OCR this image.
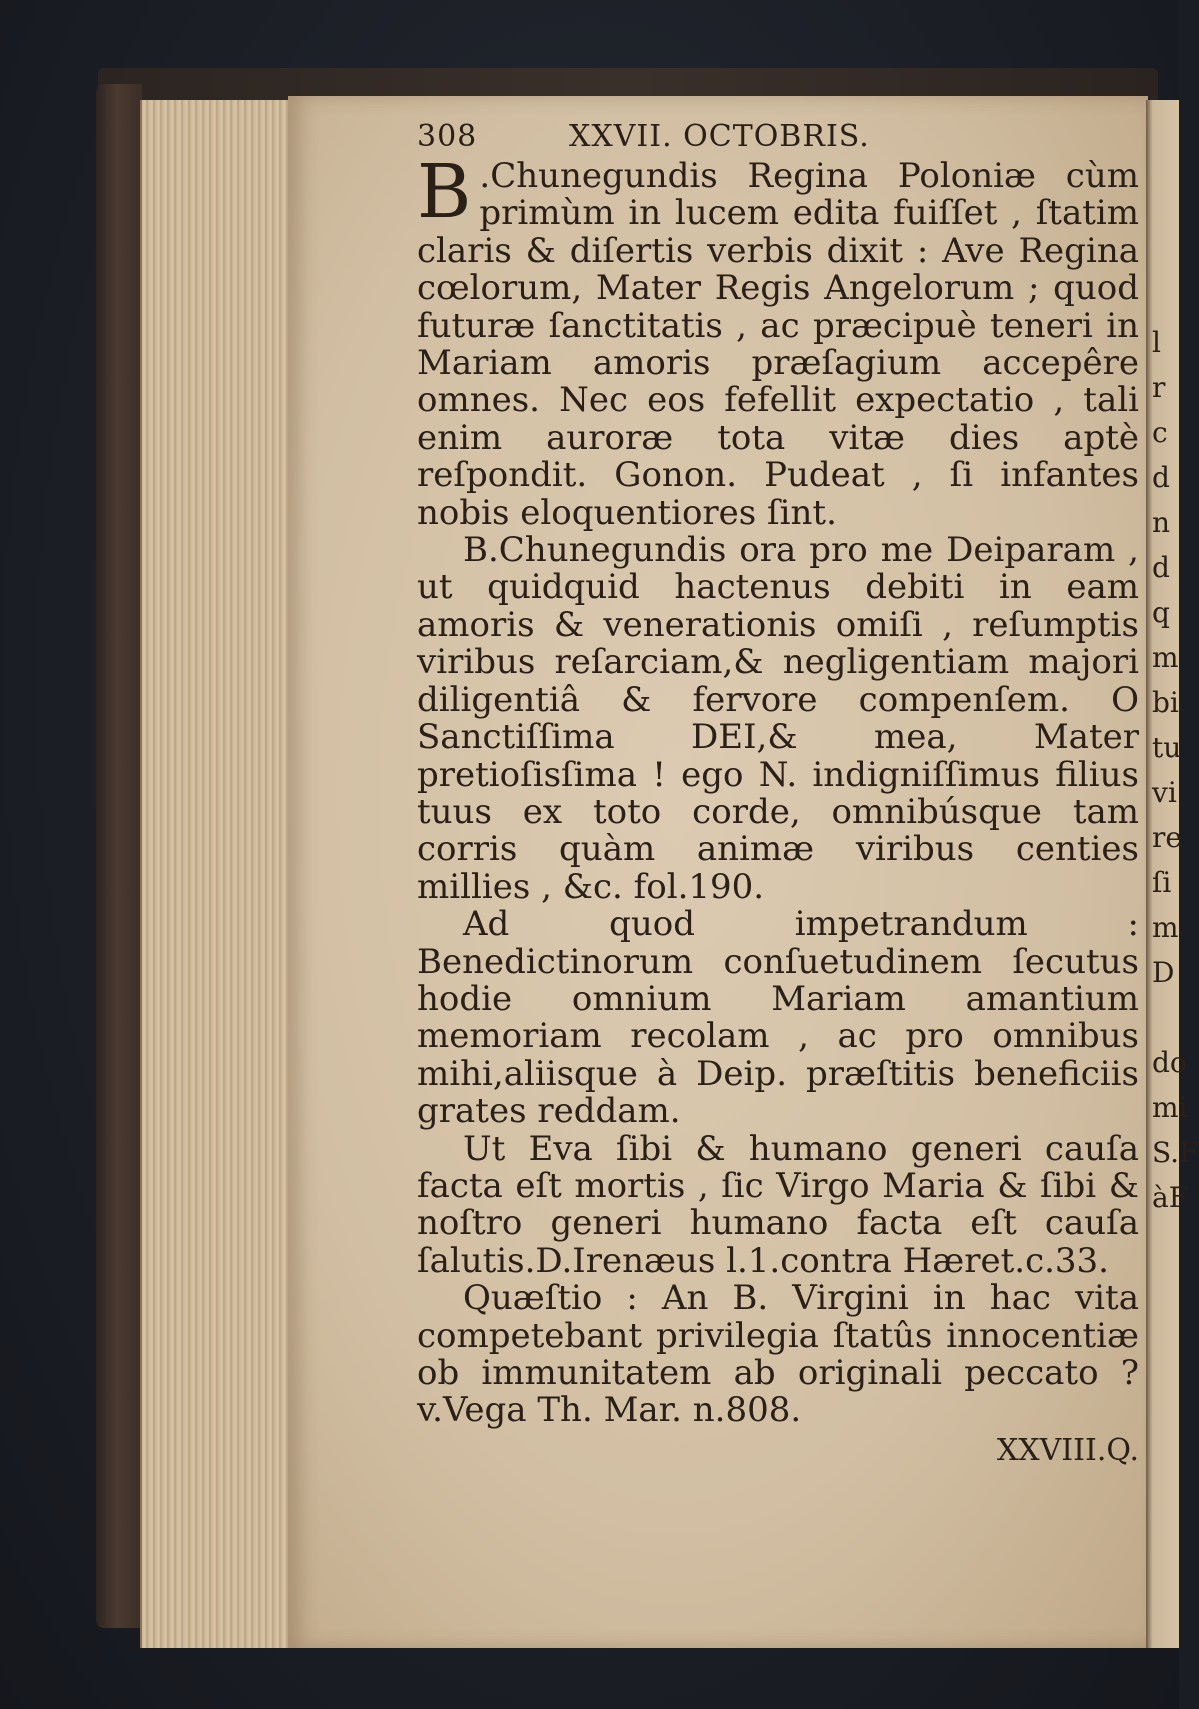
308	XXVII. OCTOBRIS.

B .Chunegundis Regina Poloniæ cùm primùm in lucem edita fuiſſet , ſtatim claris & diſertis verbis dixit : Ave Regina cœlorum, Mater Regis Angelorum ; quod futuræ ſanctitatis , ac præcipuè teneri in Mariam amoris præſagium accepêre omnes. Nec eos fefellit expectatio , tali enim auroræ tota vitæ dies aptè reſpondit. Gonon. Pudeat , ſi infantes nobis eloquentiores ſint.

B.Chunegundis ora pro me Deiparam , ut quidquid hactenus debiti in eam amoris & venerationis omiſi , reſumptis viribus reſarciam,& negligentiam majori diligentiâ & fervore compenſem. O Sanctiſſima DEI,& mea, Mater pretioſisſima ! ego N. indigniſſimus filius tuus ex toto corde, omnibúsque tam corris quàm animæ viribus centies millies , &c. fol.190.

Ad quod impetrandum : Benedictinorum conſuetudinem ſecutus hodie omnium Mariam amantium memoriam recolam , ac pro omnibus mihi,aliisque à Deip. præſtitis beneficiis grates reddam.

Ut Eva ſibi & humano generi cauſa facta eſt mortis , ſic Virgo Maria & ſibi & noſtro generi humano facta eſt cauſa ſalutis.D.Irenæus l.1.contra Hæret.c.33.

Quæſtio : An B. Virgini in hac vita competebant privilegia ſtatûs innocentiæ ob immunitatem ab originali peccato ? v.Vega Th. Mar. n.808.

XXVIII.Q.
l
r
c
d
n
d
q
m
bi
tu
vi
re
ſi
m
D
do
mi
S.F
àF
